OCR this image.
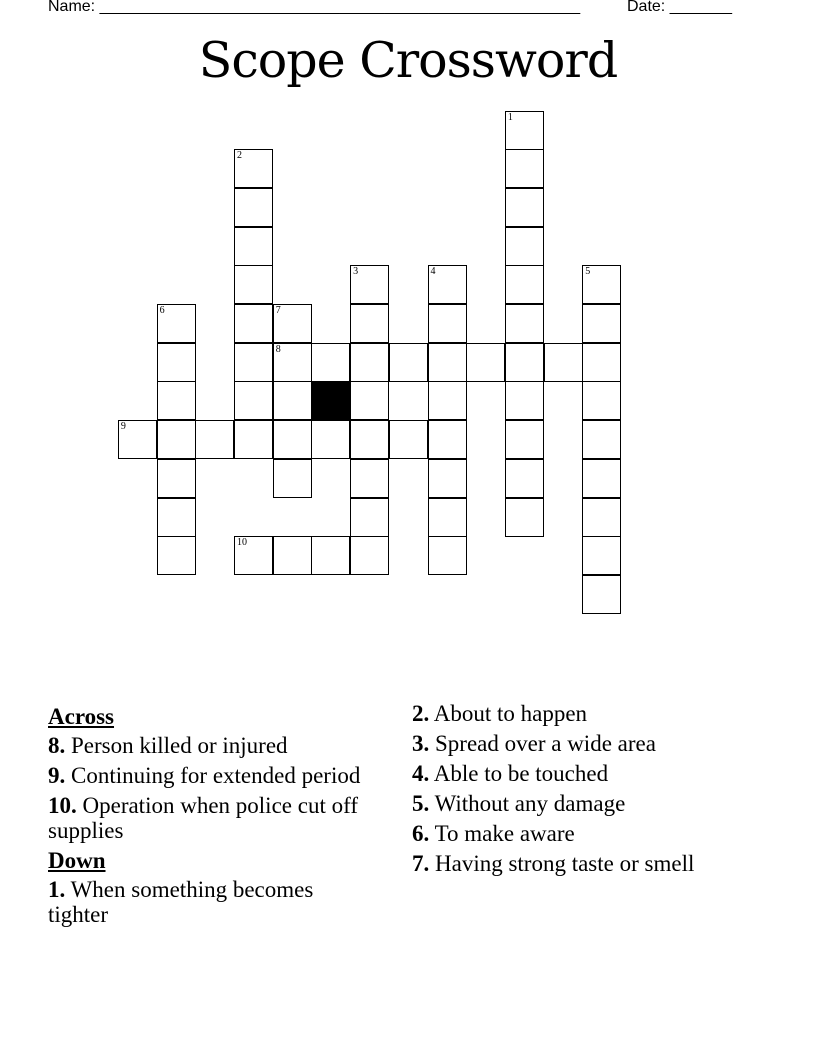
Name: ______________________________________________________	Date: _______
Scope Crossword
1
2
3	4	5
6	7
8
9
10
Across
8. Person killed or injured
9. Continuing for extended period
10. Operation when police cut off supplies
Down
1. When something becomes tighter
2. About to happen
3. Spread over a wide area
4. Able to be touched
5. Without any damage
6. To make aware
7. Having strong taste or smell
